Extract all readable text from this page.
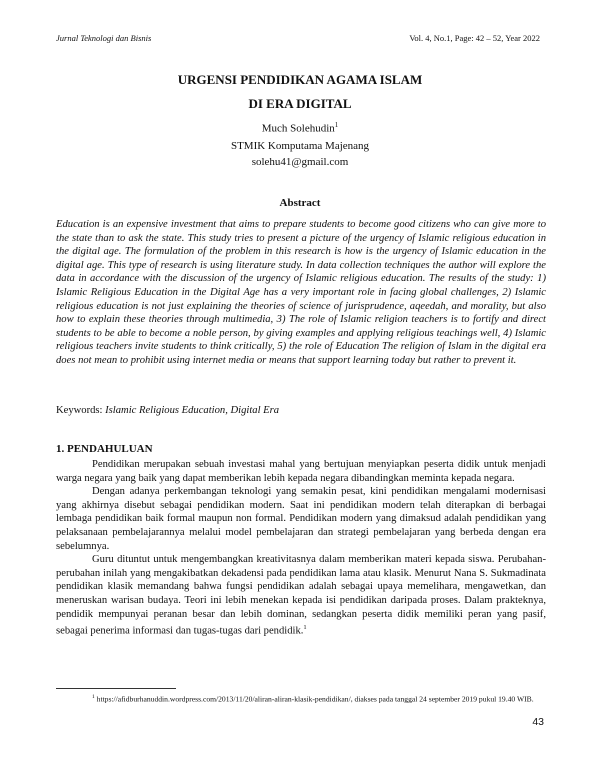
Jurnal Teknologi dan Bisnis	Vol. 4, No.1, Page: 42 – 52, Year 2022
URGENSI PENDIDIKAN AGAMA ISLAM
DI ERA DIGITAL
Much Solehudin$^1$
STMIK Komputama Majenang
solehu41@gmail.com
Abstract

Education is an expensive investment that aims to prepare students to become good citizens who can give more to the state than to ask the state. This study tries to present a picture of the urgency of Islamic religious education in the digital age. The formulation of the problem in this research is how is the urgency of Islamic education in the digital age. This type of research is using literature study. In data collection techniques the author will explore the data in accordance with the discussion of the urgency of Islamic religious education. The results of the study: 1) Islamic Religious Education in the Digital Age has a very important role in facing global challenges, 2) Islamic religious education is not just explaining the theories of science of jurisprudence, aqeedah, and morality, but also how to explain these theories through multimedia, 3) The role of Islamic religion teachers is to fortify and direct students to be able to become a noble person, by giving examples and applying religious teachings well, 4) Islamic religious teachers invite students to think critically, 5) the role of Education The religion of Islam in the digital era does not mean to prohibit using internet media or means that support learning today but rather to prevent it.

Keywords: Islamic Religious Education, Digital Era
1. PENDAHULUAN

Pendidikan merupakan sebuah investasi mahal yang bertujuan menyiapkan peserta didik untuk menjadi warga negara yang baik yang dapat memberikan lebih kepada negara dibandingkan meminta kepada negara.

Dengan adanya perkembangan teknologi yang semakin pesat, kini pendidikan mengalami modernisasi yang akhirnya disebut sebagai pendidikan modern. Saat ini pendidikan modern telah diterapkan di berbagai lembaga pendidikan baik formal maupun non formal. Pendidikan modern yang dimaksud adalah pendidikan yang pelaksanaan pembelajarannya melalui model pembelajaran dan strategi pembelajaran yang berbeda dengan era sebelumnya.

Guru dituntut untuk mengembangkan kreativitasnya dalam memberikan materi kepada siswa. Perubahan-perubahan inilah yang mengakibatkan dekadensi pada pendidikan lama atau klasik. Menurut Nana S. Sukmadinata pendidikan klasik memandang bahwa fungsi pendidikan adalah sebagai upaya memelihara, mengawetkan, dan meneruskan warisan budaya. Teori ini lebih menekan kepada isi pendidikan daripada proses. Dalam prakteknya, pendidik mempunyai peranan besar dan lebih dominan, sedangkan peserta didik memiliki peran yang pasif, sebagai penerima informasi dan tugas-tugas dari pendidik.$^1$

$^1$ https://afidburhanuddin.wordpress.com/2013/11/20/aliran-aliran-klasik-pendidikan/, diakses pada tanggal 24 september 2019 pukul 19.40 WIB.

43
